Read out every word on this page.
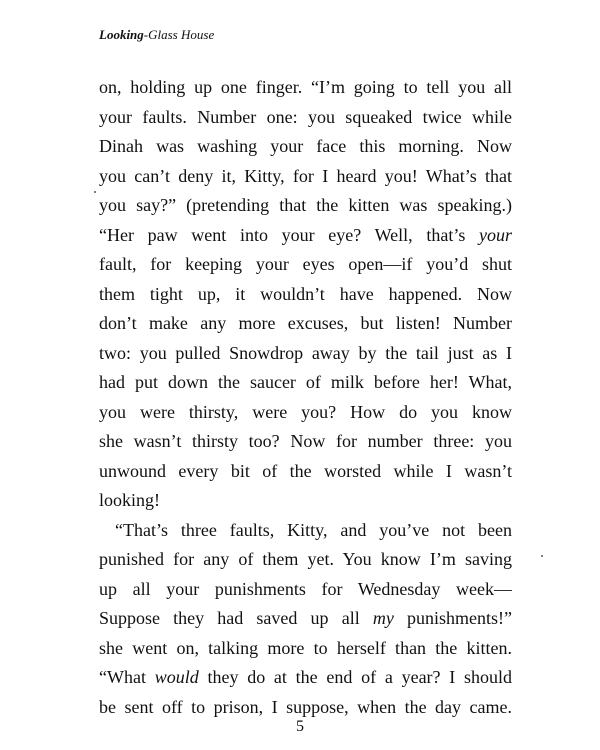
Looking-Glass House
on, holding up one finger. “I’m going to tell you all
your faults. Number one: you squeaked twice while
Dinah was washing your face this morning. Now
you can’t deny it, Kitty, for I heard you! What’s that
you say?” (pretending that the kitten was speaking.)
“Her paw went into your eye? Well, that’s your
fault, for keeping your eyes open—if you’d shut
them tight up, it wouldn’t have happened. Now
don’t make any more excuses, but listen! Number
two: you pulled Snowdrop away by the tail just as I
had put down the saucer of milk before her! What,
you were thirsty, were you? How do you know
she wasn’t thirsty too? Now for number three: you
unwound every bit of the worsted while I wasn’t
looking!
“That’s three faults, Kitty, and you’ve not been
punished for any of them yet. You know I’m saving
up all your punishments for Wednesday week—
Suppose they had saved up all my punishments!”
she went on, talking more to herself than the kitten.
“What would they do at the end of a year? I should
be sent off to prison, I suppose, when the day came.
5
